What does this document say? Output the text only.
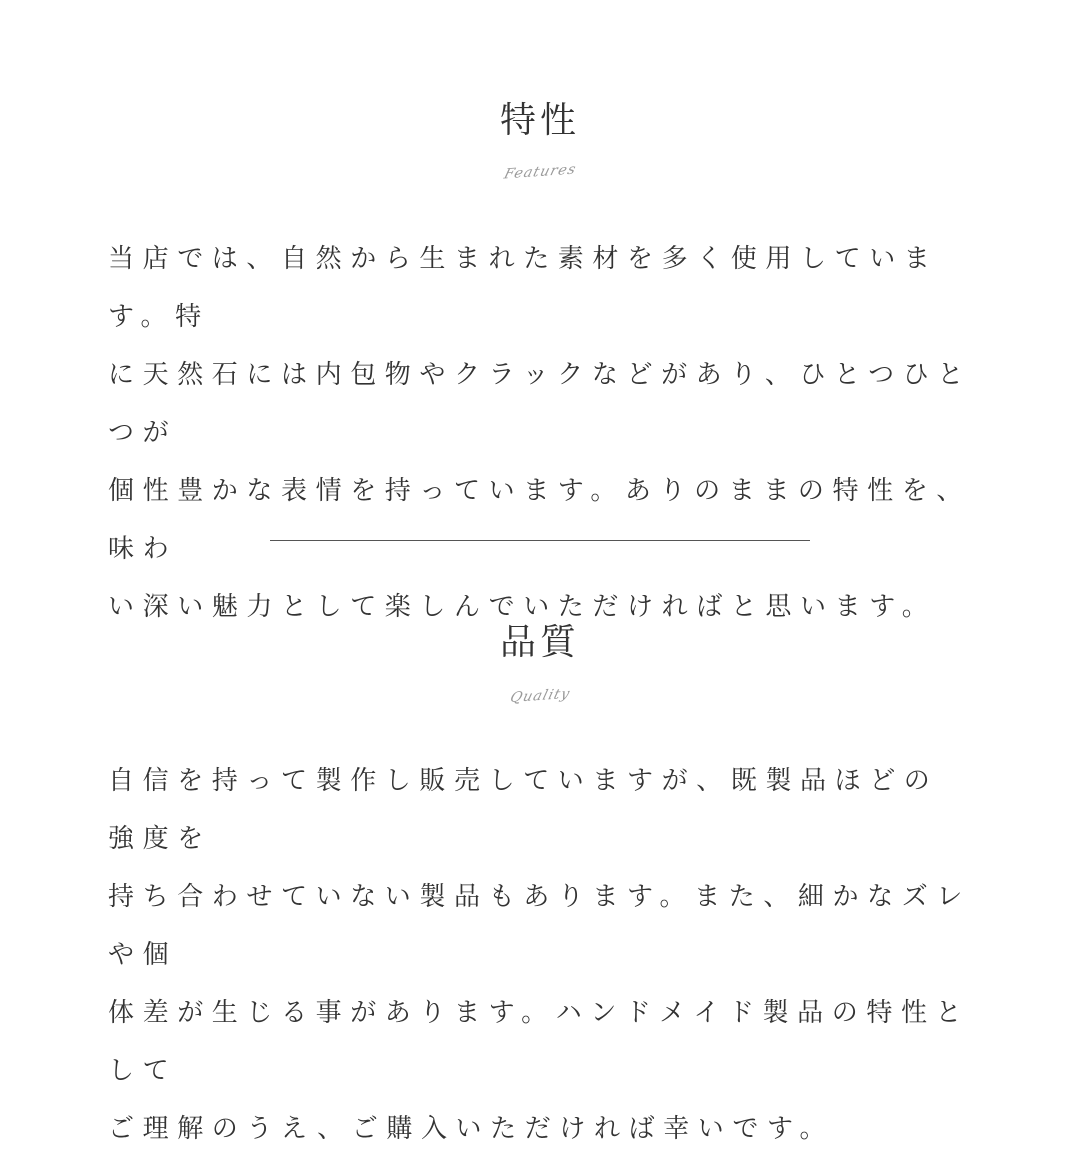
特性
Features

当店では、自然から生まれた素材を多く使用しています。特
に天然石には内包物やクラックなどがあり、ひとつひとつが
個性豊かな表情を持っています。ありのままの特性を、味わ
い深い魅力として楽しんでいただければと思います。

品質
Quality

自信を持って製作し販売していますが、既製品ほどの強度を
持ち合わせていない製品もあります。また、細かなズレや個
体差が生じる事があります。ハンドメイド製品の特性として
ご理解のうえ、ご購入いただければ幸いです。
